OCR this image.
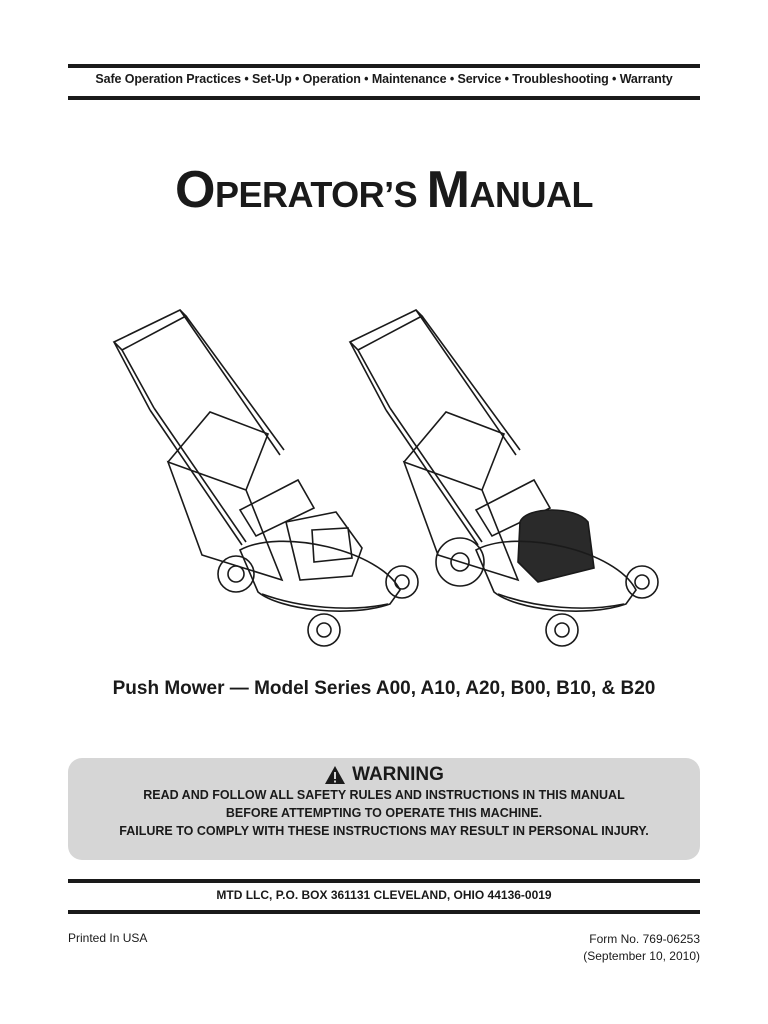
Safe Operation Practices • Set-Up • Operation • Maintenance • Service • Troubleshooting • Warranty
OPERATOR’S MANUAL
Push Mower — Model Series A00, A10, A20, B00, B10, & B20
WARNING
READ AND FOLLOW ALL SAFETY RULES AND INSTRUCTIONS IN THIS MANUAL
BEFORE ATTEMPTING TO OPERATE THIS MACHINE.
FAILURE TO COMPLY WITH THESE INSTRUCTIONS MAY RESULT IN PERSONAL INJURY.
MTD LLC, P.O. BOX 361131 CLEVELAND, OHIO 44136-0019
Printed In USA	Form No. 769-06253
(September 10, 2010)
